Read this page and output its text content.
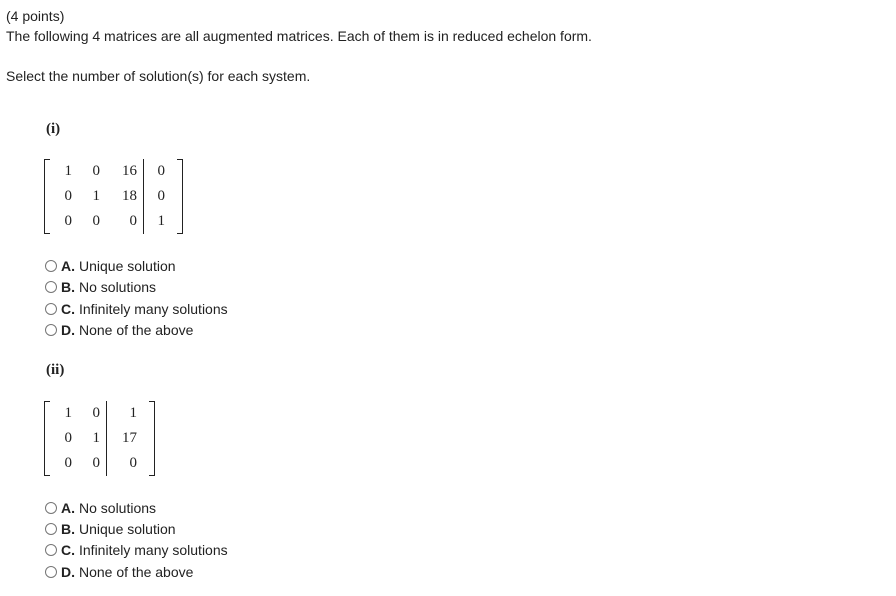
(4 points)
The following 4 matrices are all augmented matrices. Each of them is in reduced echelon form.
Select the number of solution(s) for each system.
(i)
1	0	16	0
0	1	18	0
0	0	0	1
A. Unique solution
B. No solutions
C. Infinitely many solutions
D. None of the above
(ii)
1	0	1
0	1	17
0	0	0
A. No solutions
B. Unique solution
C. Infinitely many solutions
D. None of the above
